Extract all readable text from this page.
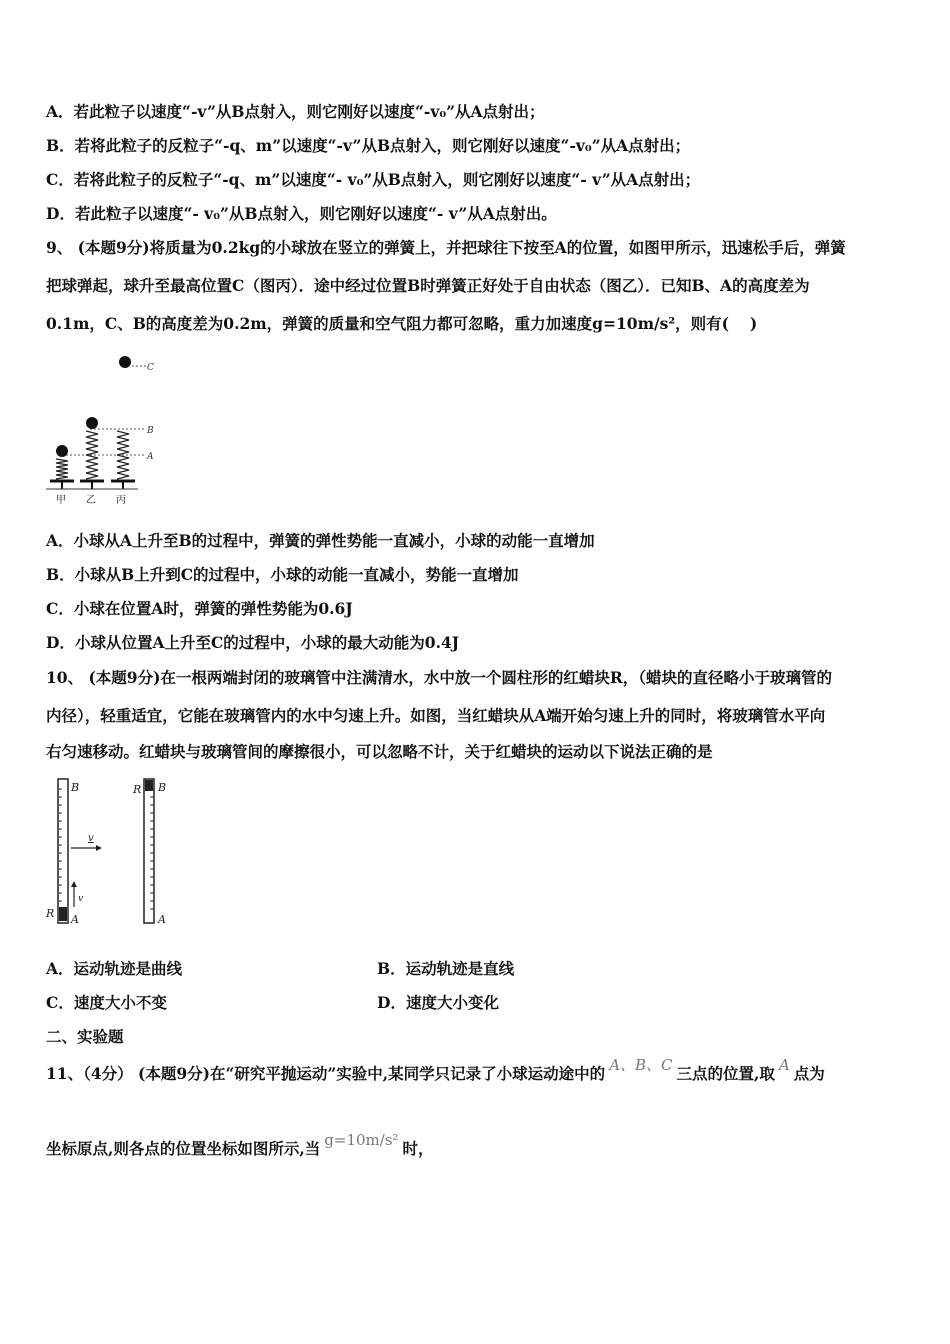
A．若此粒子以速度“-v”从B点射入，则它刚好以速度“-v₀”从A点射出；
B．若将此粒子的反粒子“-q、m”以速度“-v”从B点射入，则它刚好以速度“-v₀”从A点射出；
C．若将此粒子的反粒子“-q、m”以速度“- v₀”从B点射入，则它刚好以速度“- v”从A点射出；
D．若此粒子以速度“- v₀”从B点射入，则它刚好以速度“- v”从A点射出。
9、 (本题9分)将质量为0.2kg的小球放在竖立的弹簧上，并把球往下按至A的位置，如图甲所示，迅速松手后，弹簧
把球弹起，球升至最高位置C（图丙）．途中经过位置B时弹簧正好处于自由状态（图乙）．已知B、A的高度差为
0.1m，C、B的高度差为0.2m，弹簧的质量和空气阻力都可忽略，重力加速度g=10m/s²，则有(　 )
C
B
A
甲 乙 丙
A．小球从A上升至B的过程中，弹簧的弹性势能一直减小，小球的动能一直增加
B．小球从B上升到C的过程中，小球的动能一直减小，势能一直增加
C．小球在位置A时，弹簧的弹性势能为0.6J
D．小球从位置A上升至C的过程中，小球的最大动能为0.4J
10、 (本题9分)在一根两端封闭的玻璃管中注满清水，水中放一个圆柱形的红蜡块R，（蜡块的直径略小于玻璃管的
内径），轻重适宜，它能在玻璃管内的水中匀速上升。如图，当红蜡块从A端开始匀速上升的同时，将玻璃管水平向
右匀速移动。红蜡块与玻璃管间的摩擦很小，可以忽略不计，关于红蜡块的运动以下说法正确的是
B
R A
v
v
R B
A
A．运动轨迹是曲线	B．运动轨迹是直线
C．速度大小不变	D．速度大小变化
二、实验题
11、（4分） (本题9分)在“研究平抛运动”实验中,某同学只记录了小球运动途中的 A、B、C 三点的位置,取 A 点为
坐标原点,则各点的位置坐标如图所示,当 g=10m/s² 时，
